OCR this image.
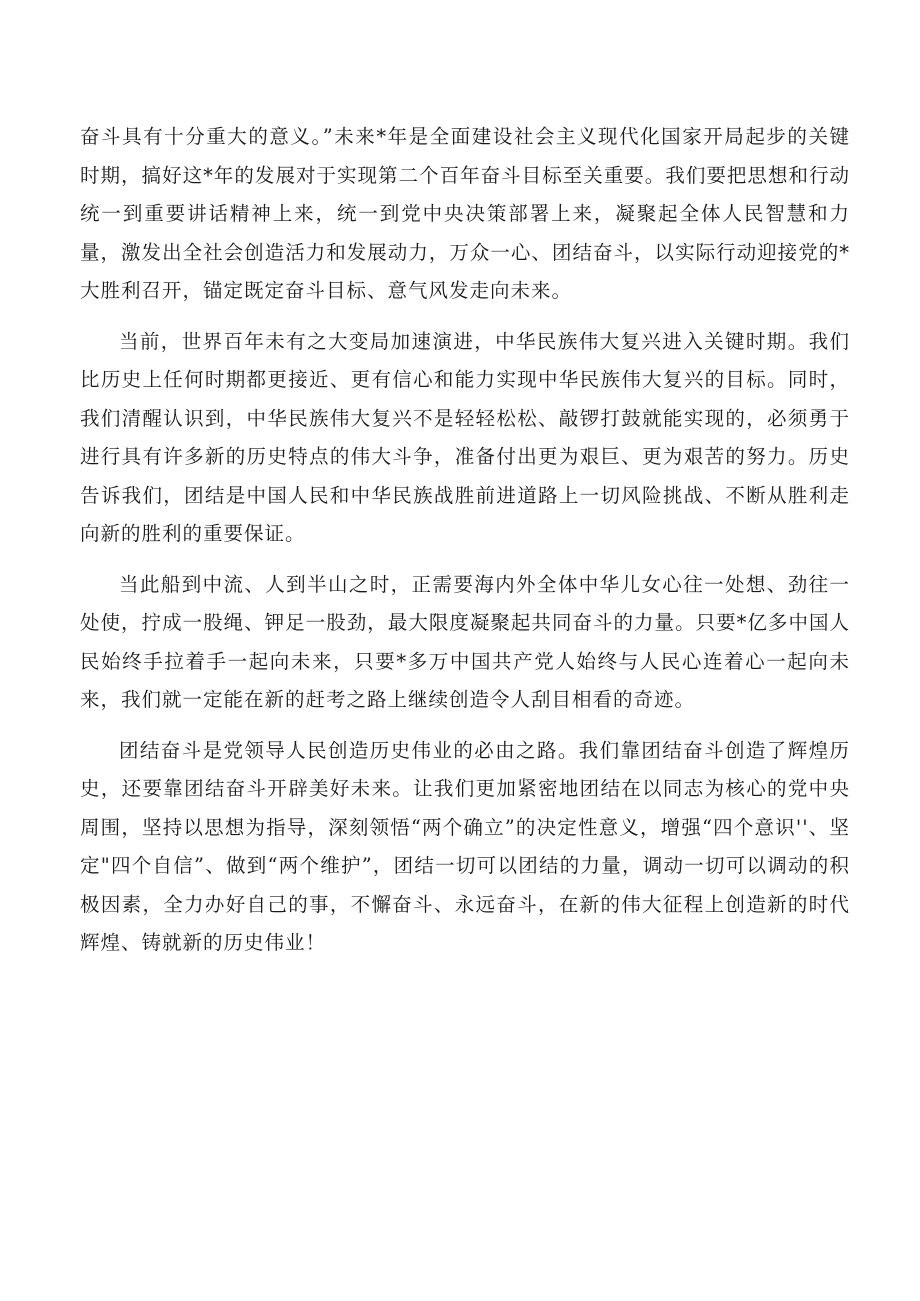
奋斗具有十分重大的意义。”未来*年是全面建设社会主义现代化国家开局起步的关键时期，搞好这*年的发展对于实现第二个百年奋斗目标至关重要。我们要把思想和行动统一到重要讲话精神上来，统一到党中央决策部署上来，凝聚起全体人民智慧和力量，激发出全社会创造活力和发展动力，万众一心、团结奋斗，以实际行动迎接党的*大胜利召开，锚定既定奋斗目标、意气风发走向未来。

当前，世界百年未有之大变局加速演进，中华民族伟大复兴进入关键时期。我们比历史上任何时期都更接近、更有信心和能力实现中华民族伟大复兴的目标。同时，我们清醒认识到，中华民族伟大复兴不是轻轻松松、敲锣打鼓就能实现的，必须勇于进行具有许多新的历史特点的伟大斗争，准备付出更为艰巨、更为艰苦的努力。历史告诉我们，团结是中国人民和中华民族战胜前进道路上一切风险挑战、不断从胜利走向新的胜利的重要保证。

当此船到中流、人到半山之时，正需要海内外全体中华儿女心往一处想、劲往一处使，拧成一股绳、钾足一股劲，最大限度凝聚起共同奋斗的力量。只要*亿多中国人民始终手拉着手一起向未来，只要*多万中国共产党人始终与人民心连着心一起向未来，我们就一定能在新的赶考之路上继续创造令人刮目相看的奇迹。

团结奋斗是党领导人民创造历史伟业的必由之路。我们靠团结奋斗创造了辉煌历史，还要靠团结奋斗开辟美好未来。让我们更加紧密地团结在以同志为核心的党中央周围，坚持以思想为指导，深刻领悟“两个确立”的决定性意义，增强“四个意识''、坚定"四个自信”、做到“两个维护”，团结一切可以团结的力量，调动一切可以调动的积极因素，全力办好自己的事，不懈奋斗、永远奋斗，在新的伟大征程上创造新的时代辉煌、铸就新的历史伟业！
